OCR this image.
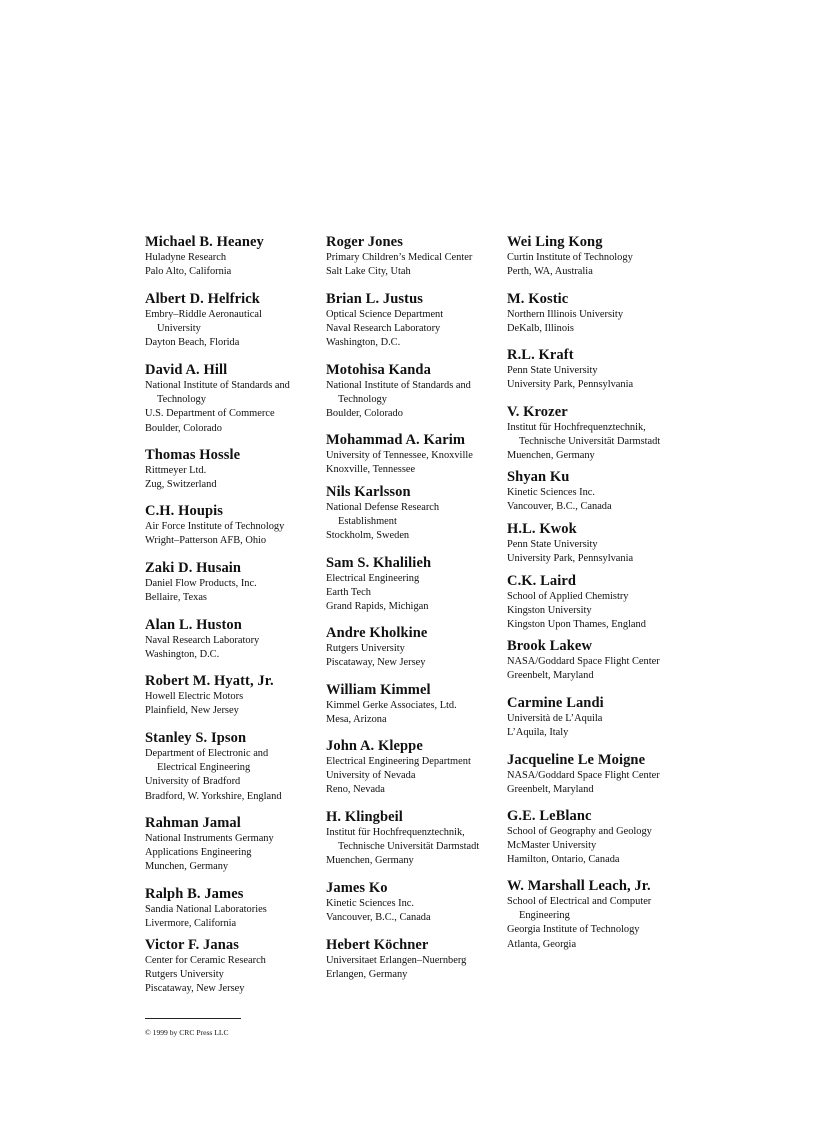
Michael B. Heaney
Huladyne Research
Palo Alto, California
Albert D. Helfrick
Embry–Riddle Aeronautical
University
Dayton Beach, Florida
David A. Hill
National Institute of Standards and
Technology
U.S. Department of Commerce
Boulder, Colorado
Thomas Hossle
Rittmeyer Ltd.
Zug, Switzerland
C.H. Houpis
Air Force Institute of Technology
Wright–Patterson AFB, Ohio
Zaki D. Husain
Daniel Flow Products, Inc.
Bellaire, Texas
Alan L. Huston
Naval Research Laboratory
Washington, D.C.
Robert M. Hyatt, Jr.
Howell Electric Motors
Plainfield, New Jersey
Stanley S. Ipson
Department of Electronic and
Electrical Engineering
University of Bradford
Bradford, W. Yorkshire, England
Rahman Jamal
National Instruments Germany
Applications Engineering
Munchen, Germany
Ralph B. James
Sandia National Laboratories
Livermore, California
Victor F. Janas
Center for Ceramic Research
Rutgers University
Piscataway, New Jersey
Roger Jones
Primary Children’s Medical Center
Salt Lake City, Utah
Brian L. Justus
Optical Science Department
Naval Research Laboratory
Washington, D.C.
Motohisa Kanda
National Institute of Standards and
Technology
Boulder, Colorado
Mohammad A. Karim
University of Tennessee, Knoxville
Knoxville, Tennessee
Nils Karlsson
National Defense Research
Establishment
Stockholm, Sweden
Sam S. Khalilieh
Electrical Engineering
Earth Tech
Grand Rapids, Michigan
Andre Kholkine
Rutgers University
Piscataway, New Jersey
William Kimmel
Kimmel Gerke Associates, Ltd.
Mesa, Arizona
John A. Kleppe
Electrical Engineering Department
University of Nevada
Reno, Nevada
H. Klingbeil
Institut für Hochfrequenztechnik,
Technische Universität Darmstadt
Muenchen, Germany
James Ko
Kinetic Sciences Inc.
Vancouver, B.C., Canada
Hebert Köchner
Universitaet Erlangen–Nuernberg
Erlangen, Germany
Wei Ling Kong
Curtin Institute of Technology
Perth, WA, Australia
M. Kostic
Northern Illinois University
DeKalb, Illinois
R.L. Kraft
Penn State University
University Park, Pennsylvania
V. Krozer
Institut für Hochfrequenztechnik,
Technische Universität Darmstadt
Muenchen, Germany
Shyan Ku
Kinetic Sciences Inc.
Vancouver, B.C., Canada
H.L. Kwok
Penn State University
University Park, Pennsylvania
C.K. Laird
School of Applied Chemistry
Kingston University
Kingston Upon Thames, England
Brook Lakew
NASA/Goddard Space Flight Center
Greenbelt, Maryland
Carmine Landi
Università de L’Aquila
L’Aquila, Italy
Jacqueline Le Moigne
NASA/Goddard Space Flight Center
Greenbelt, Maryland
G.E. LeBlanc
School of Geography and Geology
McMaster University
Hamilton, Ontario, Canada
W. Marshall Leach, Jr.
School of Electrical and Computer
Engineering
Georgia Institute of Technology
Atlanta, Georgia
© 1999 by CRC Press LLC
